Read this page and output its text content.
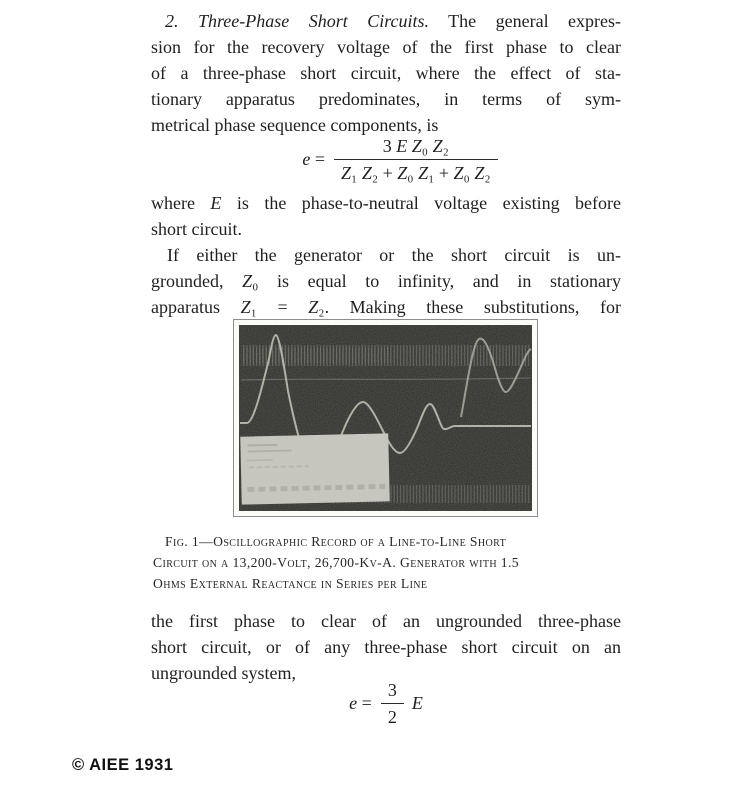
2. Three-Phase Short Circuits. The general expres-
sion for the recovery voltage of the first phase to clear
of a three-phase short circuit, where the effect of sta-
tionary apparatus predominates, in terms of sym-
metrical phase sequence components, is
$e = \frac{\text{3 E Z₀ Z₂}}{\text{Z₁ Z₂ + Z₀ Z₁ + Z₀ Z₂}}$
where E is the phase-to-neutral voltage existing before
short circuit.
If either the generator or the short circuit is un-
grounded, Z₀ is equal to infinity, and in stationary
apparatus Z₁ = Z₂. Making these substitutions, for
Fig. 1—Oscillographic Record of a Line-to-Line Short
Circuit on a 13,200-Volt, 26,700-Kv-A. Generator with 1.5
Ohms External Reactance in Series per Line
the first phase to clear of an ungrounded three-phase
short circuit, or of any three-phase short circuit on an
ungrounded system,
$e = \frac{3}{2}$ E
© AIEE 1931
